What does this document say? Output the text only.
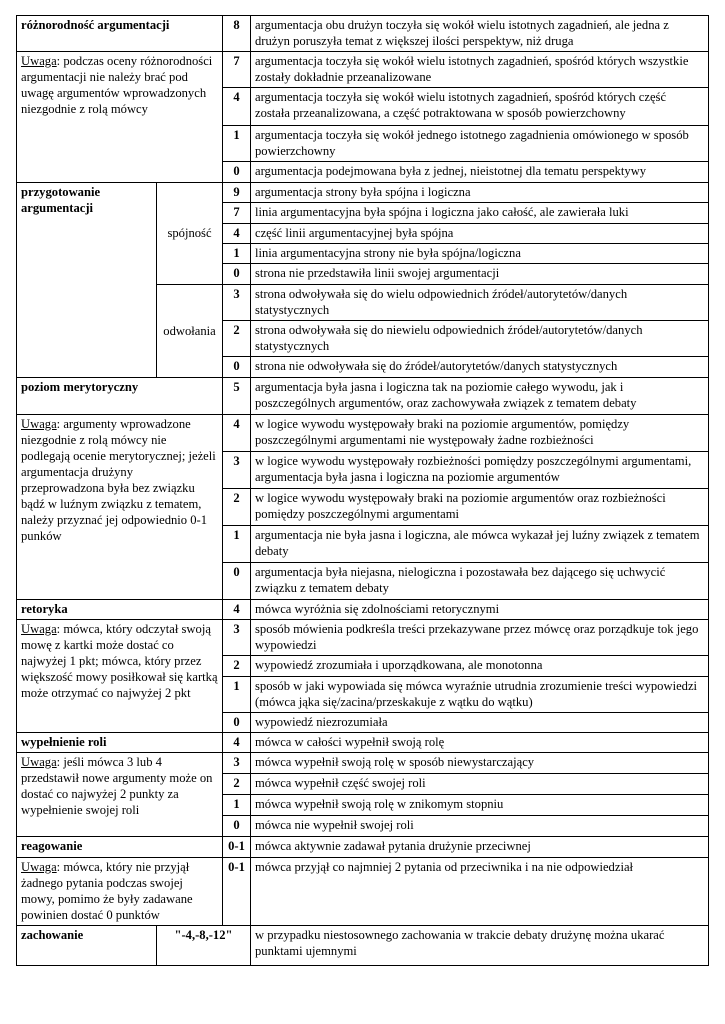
różnorodność argumentacji		8	argumentacja obu drużyn toczyła się wokół wielu istotnych zagadnień, ale jedna z drużyn poruszyła temat z większej ilości perspektyw, niż druga
Uwaga: podczas oceny różnorodności argumentacji nie należy brać pod uwagę argumentów wprowadzonych niezgodnie z rolą mówcy		7	argumentacja toczyła się wokół wielu istotnych zagadnień, spośród których wszystkie zostały dokładnie przeanalizowane
		4	argumentacja toczyła się wokół wielu istotnych zagadnień, spośród których część została przeanalizowana, a część potraktowana w sposób powierzchowny
		1	argumentacja toczyła się wokół jednego istotnego zagadnienia omówionego w sposób powierzchowny
		0	argumentacja podejmowana była z jednej, nieistotnej dla tematu perspektywy
przygotowanie argumentacji	spójność	9	argumentacja strony była spójna i logiczna
		7	linia argumentacyjna była spójna i logiczna jako całość, ale zawierała luki
		4	część linii argumentacyjnej była spójna
		1	linia argumentacyjna strony nie była spójna/logiczna
		0	strona nie przedstawiła linii swojej argumentacji
	odwołania	3	strona odwoływała się do wielu odpowiednich źródeł/autorytetów/danych statystycznych
		2	strona odwoływała się do niewielu odpowiednich źródeł/autorytetów/danych statystycznych
		0	strona nie odwoływała się do źródeł/autorytetów/danych statystycznych
poziom merytoryczny		5	argumentacja była jasna i logiczna tak na poziomie całego wywodu, jak i poszczególnych argumentów, oraz zachowywała związek z tematem debaty
Uwaga: argumenty wprowadzone niezgodnie z rolą mówcy nie podlegają ocenie merytorycznej; jeżeli argumentacja drużyny przeprowadzona była bez związku bądź w luźnym związku z tematem, należy przyznać jej odpowiednio 0-1 punków		4	w logice wywodu występowały braki na poziomie argumentów, pomiędzy poszczególnymi argumentami nie występowały żadne rozbieżności
		3	w logice wywodu występowały rozbieżności pomiędzy poszczególnymi argumentami, argumentacja była jasna i logiczna na poziomie argumentów
		2	w logice wywodu występowały braki na poziomie argumentów oraz rozbieżności pomiędzy poszczególnymi argumentami
		1	argumentacja nie była jasna i logiczna, ale mówca wykazał jej luźny związek z tematem debaty
		0	argumentacja była niejasna, nielogiczna i pozostawała bez dającego się uchwycić związku z tematem debaty
retoryka		4	mówca wyróżnia się zdolnościami retorycznymi
Uwaga: mówca, który odczytał swoją mowę z kartki może dostać co najwyżej 1 pkt; mówca, który przez większość mowy posiłkował się kartką może otrzymać co najwyżej 2 pkt		3	sposób mówienia podkreśla treści przekazywane przez mówcę oraz porządkuje tok jego wypowiedzi
		2	wypowiedź zrozumiała i uporządkowana, ale monotonna
		1	sposób w jaki wypowiada się mówca wyraźnie utrudnia zrozumienie treści wypowiedzi (mówca jąka się/zacina/przeskakuje z wątku do wątku)
		0	wypowiedź niezrozumiała
wypełnienie roli		4	mówca w całości wypełnił swoją rolę
Uwaga: jeśli mówca 3 lub 4 przedstawił nowe argumenty może on dostać co najwyżej 2 punkty za wypełnienie swojej roli		3	mówca wypełnił swoją rolę w sposób niewystarczający
		2	mówca wypełnił część swojej roli
		1	mówca wypełnił swoją rolę w znikomym stopniu
		0	mówca nie wypełnił swojej roli
reagowanie		0-1	mówca aktywnie zadawał pytania drużynie przeciwnej
Uwaga: mówca, który nie przyjął żadnego pytania podczas swojej mowy, pomimo że były zadawane powinien dostać 0 punktów		0-1	mówca przyjął co najmniej 2 pytania od przeciwnika i na nie odpowiedział
zachowanie	"-4,-8,-12"		w przypadku niestosownego zachowania w trakcie debaty drużynę można ukarać punktami ujemnymi
